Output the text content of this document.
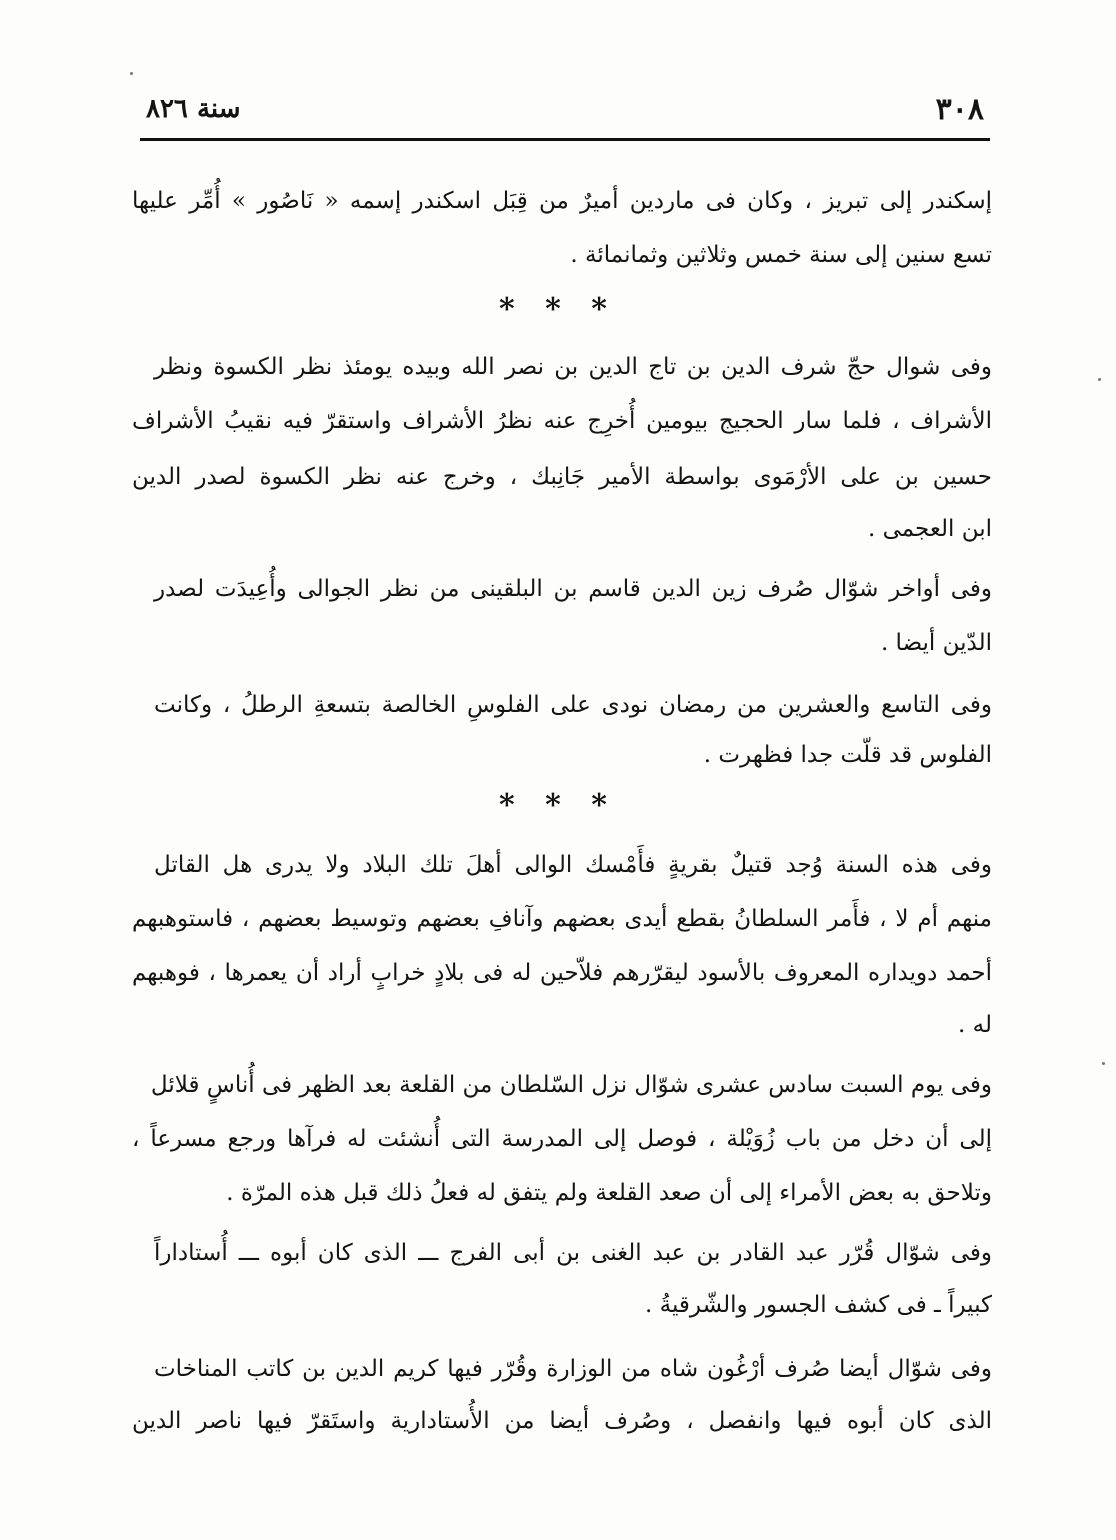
٣٠٨
سنة ٨٢٦
إسكندر إلى تبريز ، وكان فى ماردين أميرٌ من قِبَل اسكندر إسمه « نَاصُور » أُمِّر عليها
تسع سنين إلى سنة خمس وثلاثين وثمانمائة .
* * *
وفى شوال حجّ شرف الدين بن تاج الدين بن نصر الله وبيده يومئذ نظر الكسوة ونظر
الأشراف ، فلما سار الحجيج بيومين أُخرِج عنه نظرُ الأشراف واستقرّ فيه نقيبُ الأشراف
حسين بن على الأرْمَوى بواسطة الأمير جَانِبك ، وخرج عنه نظر الكسوة لصدر الدين
ابن العجمى .
وفى أواخر شوّال صُرف زين الدين قاسم بن البلقينى من نظر الجوالى وأُعِيدَت لصدر
الدّين أيضا .
وفى التاسع والعشرين من رمضان نودى على الفلوسِ الخالصة بتسعةِ الرطلُ ، وكانت
الفلوس قد قلّت جدا فظهرت .
* * *
وفى هذه السنة وُجد قتيلٌ بقريةٍ فأَمْسك الوالى أهلَ تلك البلاد ولا يدرى هل القاتل
منهم أم لا ، فأَمر السلطانُ بقطع أيدى بعضهم وآنافِ بعضهم وتوسيط بعضهم ، فاستوهبهم
أحمد دويداره المعروف بالأسود ليقرّرهم فلاّحين له فى بلادٍ خرابٍ أراد أن يعمرها ، فوهبهم
له .
وفى يوم السبت سادس عشرى شوّال نزل السّلطان من القلعة بعد الظهر فى أُناسٍ قلائل
إلى أن دخل من باب زُوَيْلة ، فوصل إلى المدرسة التى أُنشئت له فرآها ورجع مسرعاً ،
وتلاحق به بعض الأمراء إلى أن صعد القلعة ولم يتفق له فعلُ ذلك قبل هذه المرّة .
وفى شوّال قُرّر عبد القادر بن عبد الغنى بن أبى الفرج ـــ الذى كان أبوه ـــ أُستاداراً
كبيراً ـ فى كشف الجسور والشّرقيةُ .
وفى شوّال أيضا صُرف أرْغُون شاه من الوزارة وقُرّر فيها كريم الدين بن كاتب المناخات
الذى كان أبوه فيها وانفصل ، وصُرف أيضا من الأُستادارية واستَقرّ فيها ناصر الدين
